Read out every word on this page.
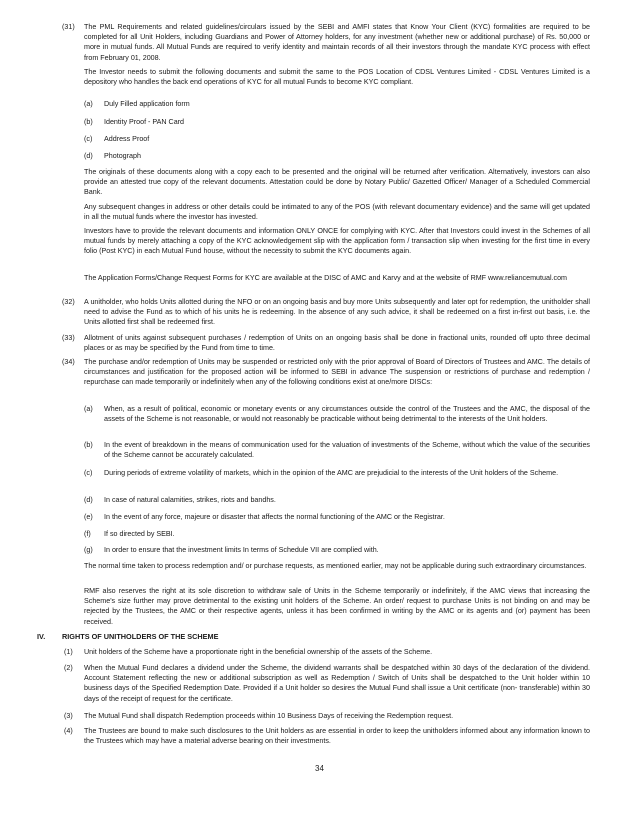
(31) The PML Requirements and related guidelines/circulars issued by the SEBI and AMFI states that Know Your Client (KYC) formalities are required to be completed for all Unit Holders, including Guardians and Power of Attorney holders, for any investment (whether new or additional purchase) of Rs. 50,000 or more in mutual funds. All Mutual Funds are required to verify identity and maintain records of all their investors through the mandate KYC process with effect from February 01, 2008.
The Investor needs to submit the following documents and submit the same to the POS Location of CDSL Ventures Limited - CDSL Ventures Limited is a depository who handles the back end operations of KYC for all mutual Funds to become KYC compliant.
(a) Duly Filled application form
(b) Identity Proof - PAN Card
(c) Address Proof
(d) Photograph
The originals of these documents along with a copy each to be presented and the original will be returned after verification. Alternatively, investors can also provide an attested true copy of the relevant documents. Attestation could be done by Notary Public/ Gazetted Officer/ Manager of a Scheduled Commercial Bank.
Any subsequent changes in address or other details could be intimated to any of the POS (with relevant documentary evidence) and the same will get updated in all the mutual funds where the investor has invested.
Investors have to provide the relevant documents and information ONLY ONCE for complying with KYC. After that Investors could invest in the Schemes of all mutual funds by merely attaching a copy of the KYC acknowledgement slip with the application form / transaction slip when investing for the first time in every folio (Post KYC) in each Mutual Fund house, without the necessity to submit the KYC documents again.
The Application Forms/Change Request Forms for KYC are available at the DISC of AMC and Karvy and at the website of RMF www.reliancemutual.com
(32) A unitholder, who holds Units allotted during the NFO or on an ongoing basis and buy more Units subsequently and later opt for redemption, the unitholder shall need to advise the Fund as to which of his units he is redeeming. In the absence of any such advice, it shall be redeemed on a first in-first out basis, i.e. the Units allotted first shall be redeemed first.
(33) Allotment of units against subsequent purchases / redemption of Units on an ongoing basis shall be done in fractional units, rounded off upto three decimal places or as may be specified by the Fund from time to time.
(34) The purchase and/or redemption of Units may be suspended or restricted only with the prior approval of Board of Directors of Trustees and AMC. The details of circumstances and justification for the proposed action will be informed to SEBI in advance The suspension or restrictions of purchase and redemption / repurchase can made temporarily or indefinitely when any of the following conditions exist at one/more DISCs:
(a) When, as a result of political, economic or monetary events or any circumstances outside the control of the Trustees and the AMC, the disposal of the assets of the Scheme is not reasonable, or would not reasonably be practicable without being detrimental to the interests of the Unit holders.
(b) In the event of breakdown in the means of communication used for the valuation of investments of the Scheme, without which the value of the securities of the Scheme cannot be accurately calculated.
(c) During periods of extreme volatility of markets, which in the opinion of the AMC are prejudicial to the interests of the Unit holders of the Scheme.
(d) In case of natural calamities, strikes, riots and bandhs.
(e) In the event of any force, majeure or disaster that affects the normal functioning of the AMC or the Registrar.
(f) If so directed by SEBI.
(g) In order to ensure that the investment limits In terms of Schedule VII are complied with.
The normal time taken to process redemption and/ or purchase requests, as mentioned earlier, may not be applicable during such extraordinary circumstances.
RMF also reserves the right at its sole discretion to withdraw sale of Units in the Scheme temporarily or indefinitely, if the AMC views that increasing the Scheme's size further may prove detrimental to the existing unit holders of the Scheme. An order/ request to purchase Units is not binding on and may be rejected by the Trustees, the AMC or their respective agents, unless it has been confirmed in writing by the AMC or its agents and (or) payment has been received.
IV. RIGHTS OF UNITHOLDERS OF THE SCHEME
(1) Unit holders of the Scheme have a proportionate right in the beneficial ownership of the assets of the Scheme.
(2) When the Mutual Fund declares a dividend under the Scheme, the dividend warrants shall be despatched within 30 days of the declaration of the dividend. Account Statement reflecting the new or additional subscription as well as Redemption / Switch of Units shall be despatched to the Unit holder within 10 business days of the Specified Redemption Date. Provided if a Unit holder so desires the Mutual Fund shall issue a Unit certificate (non- transferable) within 30 days of the receipt of request for the certificate.
(3) The Mutual Fund shall dispatch Redemption proceeds within 10 Business Days of receiving the Redemption request.
(4) The Trustees are bound to make such disclosures to the Unit holders as are essential in order to keep the unitholders informed about any information known to the Trustees which may have a material adverse bearing on their investments.
34
